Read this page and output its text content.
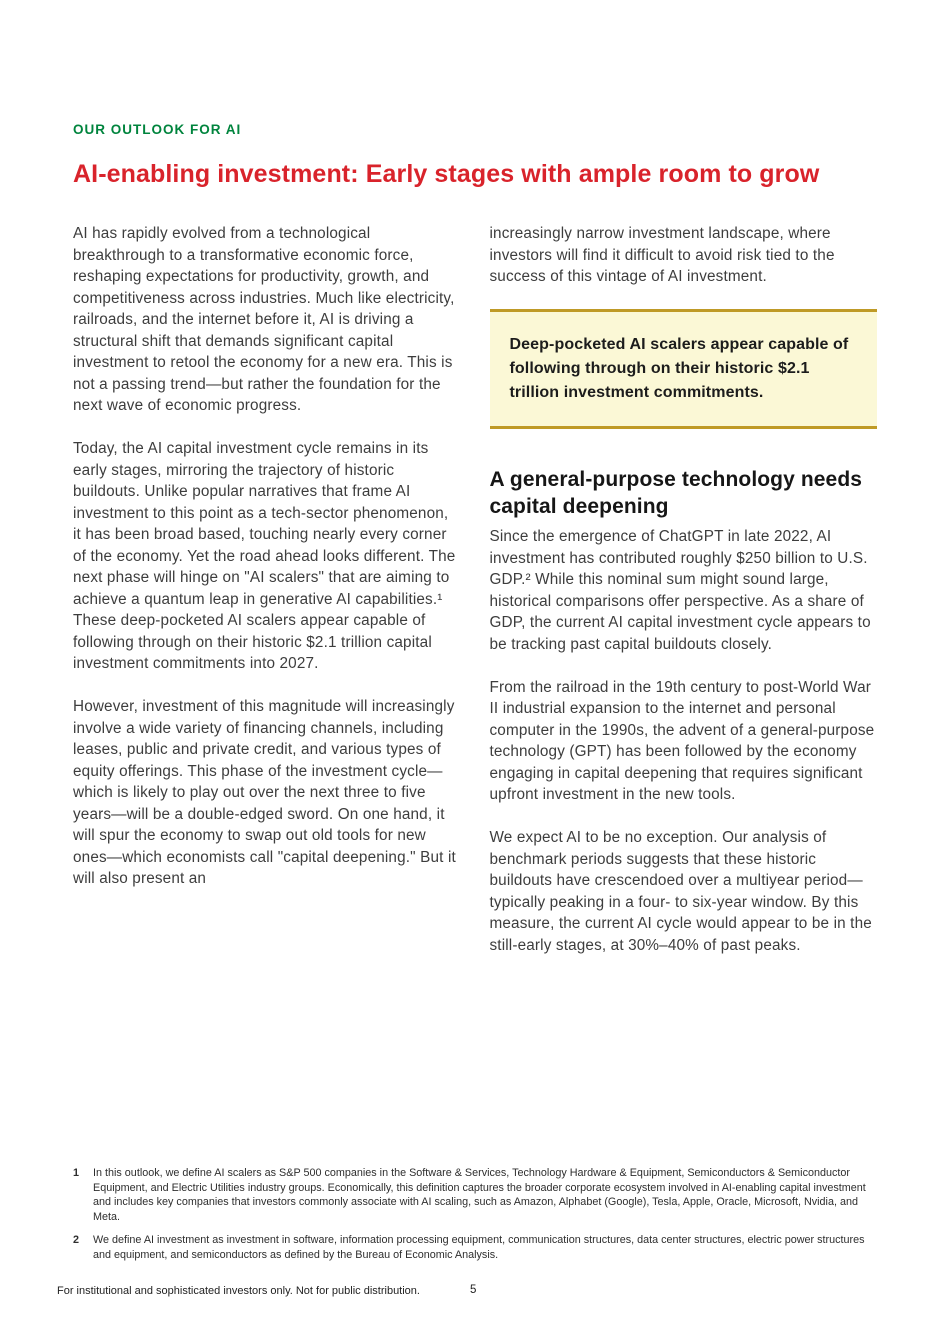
OUR OUTLOOK FOR AI
AI-enabling investment: Early stages with ample room to grow

AI has rapidly evolved from a technological breakthrough to a transformative economic force, reshaping expectations for productivity, growth, and competitiveness across industries. Much like electricity, railroads, and the internet before it, AI is driving a structural shift that demands significant capital investment to retool the economy for a new era. This is not a passing trend—but rather the foundation for the next wave of economic progress.

Today, the AI capital investment cycle remains in its early stages, mirroring the trajectory of historic buildouts. Unlike popular narratives that frame AI investment to this point as a tech-sector phenomenon, it has been broad based, touching nearly every corner of the economy. Yet the road ahead looks different. The next phase will hinge on "AI scalers" that are aiming to achieve a quantum leap in generative AI capabilities.¹ These deep-pocketed AI scalers appear capable of following through on their historic $2.1 trillion capital investment commitments into 2027.

However, investment of this magnitude will increasingly involve a wide variety of financing channels, including leases, public and private credit, and various types of equity offerings. This phase of the investment cycle—which is likely to play out over the next three to five years—will be a double-edged sword. On one hand, it will spur the economy to swap out old tools for new ones—which economists call "capital deepening." But it will also present an

increasingly narrow investment landscape, where investors will find it difficult to avoid risk tied to the success of this vintage of AI investment.

Deep-pocketed AI scalers appear capable of following through on their historic $2.1 trillion investment commitments.
A general-purpose technology needs capital deepening

Since the emergence of ChatGPT in late 2022, AI investment has contributed roughly $250 billion to U.S. GDP.² While this nominal sum might sound large, historical comparisons offer perspective. As a share of GDP, the current AI capital investment cycle appears to be tracking past capital buildouts closely.

From the railroad in the 19th century to post-World War II industrial expansion to the internet and personal computer in the 1990s, the advent of a general-purpose technology (GPT) has been followed by the economy engaging in capital deepening that requires significant upfront investment in the new tools.

We expect AI to be no exception. Our analysis of benchmark periods suggests that these historic buildouts have crescendoed over a multiyear period—typically peaking in a four- to six-year window. By this measure, the current AI cycle would appear to be in the still-early stages, at 30%–40% of past peaks.

1 In this outlook, we define AI scalers as S&P 500 companies in the Software & Services, Technology Hardware & Equipment, Semiconductors & Semiconductor Equipment, and Electric Utilities industry groups. Economically, this definition captures the broader corporate ecosystem involved in AI-enabling capital investment and includes key companies that investors commonly associate with AI scaling, such as Amazon, Alphabet (Google), Tesla, Apple, Oracle, Microsoft, Nvidia, and Meta.
2 We define AI investment as investment in software, information processing equipment, communication structures, data center structures, electric power structures and equipment, and semiconductors as defined by the Bureau of Economic Analysis.
For institutional and sophisticated investors only. Not for public distribution.	5
